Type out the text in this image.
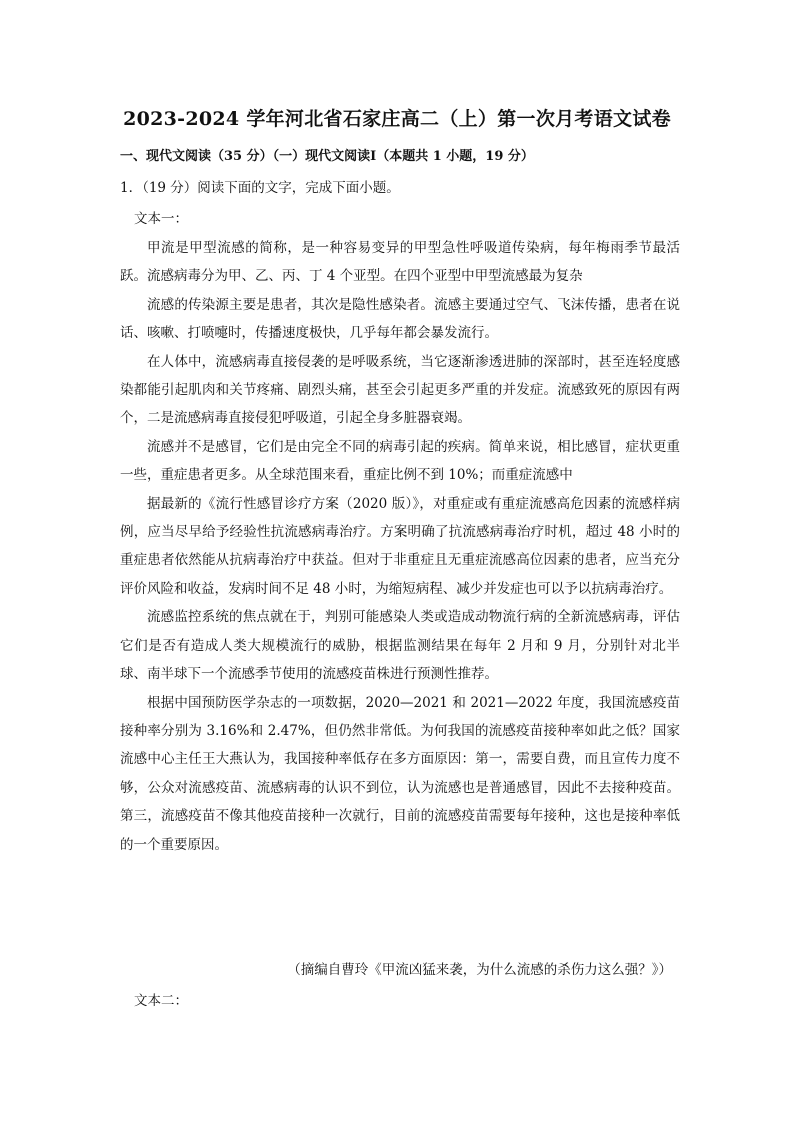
2023-2024 学年河北省石家庄高二（上）第一次月考语文试卷
一、现代文阅读（35 分）（一）现代文阅读Ⅰ（本题共 1 小题，19 分）
1．（19 分）阅读下面的文字，完成下面小题。
文本一：

甲流是甲型流感的简称，是一种容易变异的甲型急性呼吸道传染病，每年梅雨季节最活跃。流感病毒分为甲、乙、丙、丁 4 个亚型。在四个亚型中甲型流感最为复杂

流感的传染源主要是患者，其次是隐性感染者。流感主要通过空气、飞沫传播，患者在说话、咳嗽、打喷嚏时，传播速度极快，几乎每年都会暴发流行。

在人体中，流感病毒直接侵袭的是呼吸系统，当它逐渐渗透进肺的深部时，甚至连轻度感染都能引起肌肉和关节疼痛、剧烈头痛，甚至会引起更多严重的并发症。流感致死的原因有两个，二是流感病毒直接侵犯呼吸道，引起全身多脏器衰竭。

流感并不是感冒，它们是由完全不同的病毒引起的疾病。简单来说，相比感冒，症状更重一些，重症患者更多。从全球范围来看，重症比例不到 10%；而重症流感中

据最新的《流行性感冒诊疗方案（2020 版）》，对重症或有重症流感高危因素的流感样病例，应当尽早给予经验性抗流感病毒治疗。方案明确了抗流感病毒治疗时机，超过 48 小时的重症患者依然能从抗病毒治疗中获益。但对于非重症且无重症流感高位因素的患者，应当充分评价风险和收益，发病时间不足 48 小时，为缩短病程、减少并发症也可以予以抗病毒治疗。

流感监控系统的焦点就在于，判别可能感染人类或造成动物流行病的全新流感病毒，评估它们是否有造成人类大规模流行的威胁，根据监测结果在每年 2 月和 9 月，分别针对北半球、南半球下一个流感季节使用的流感疫苗株进行预测性推荐。

根据中国预防医学杂志的一项数据，2020—2021 和 2021—2022 年度，我国流感疫苗接种率分别为 3.16%和 2.47%，但仍然非常低。为何我国的流感疫苗接种率如此之低？国家流感中心主任王大燕认为，我国接种率低存在多方面原因：第一，需要自费，而且宣传力度不够，公众对流感疫苗、流感病毒的认识不到位，认为流感也是普通感冒，因此不去接种疫苗。第三，流感疫苗不像其他疫苗接种一次就行，目前的流感疫苗需要每年接种，这也是接种率低的一个重要原因。

（摘编自曹玲《甲流凶猛来袭，为什么流感的杀伤力这么强？》）
文本二：
